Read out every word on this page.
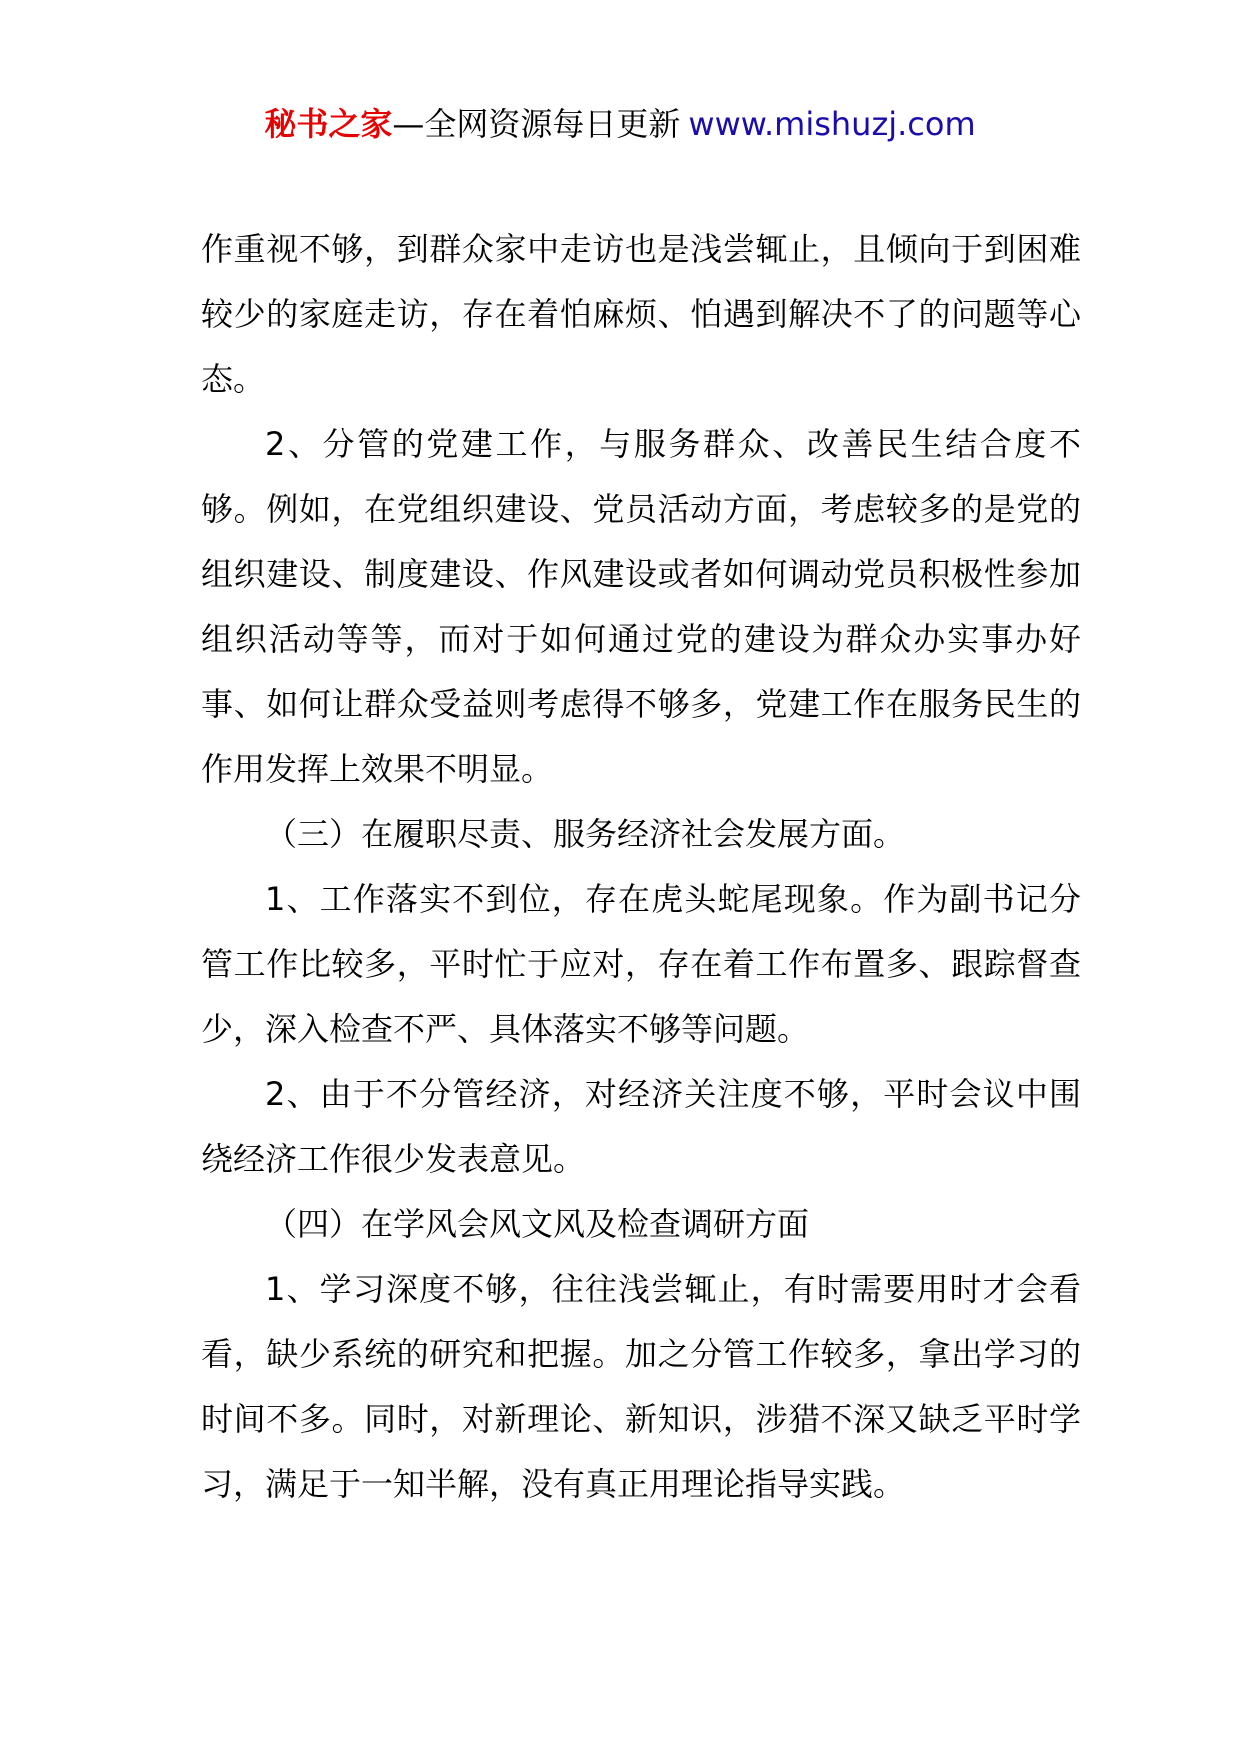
秘书之家—全网资源每日更新 www.mishuzj.com

作重视不够，到群众家中走访也是浅尝辄止，且倾向于到困难较少的家庭走访，存在着怕麻烦、怕遇到解决不了的问题等心态。

2、分管的党建工作，与服务群众、改善民生结合度不够。例如，在党组织建设、党员活动方面，考虑较多的是党的组织建设、制度建设、作风建设或者如何调动党员积极性参加组织活动等等，而对于如何通过党的建设为群众办实事办好事、如何让群众受益则考虑得不够多，党建工作在服务民生的作用发挥上效果不明显。

（三）在履职尽责、服务经济社会发展方面。

1、工作落实不到位，存在虎头蛇尾现象。作为副书记分管工作比较多，平时忙于应对，存在着工作布置多、跟踪督查少，深入检查不严、具体落实不够等问题。

2、由于不分管经济，对经济关注度不够，平时会议中围绕经济工作很少发表意见。

（四）在学风会风文风及检查调研方面

1、学习深度不够，往往浅尝辄止，有时需要用时才会看看，缺少系统的研究和把握。加之分管工作较多，拿出学习的时间不多。同时，对新理论、新知识，涉猎不深又缺乏平时学习，满足于一知半解，没有真正用理论指导实践。
